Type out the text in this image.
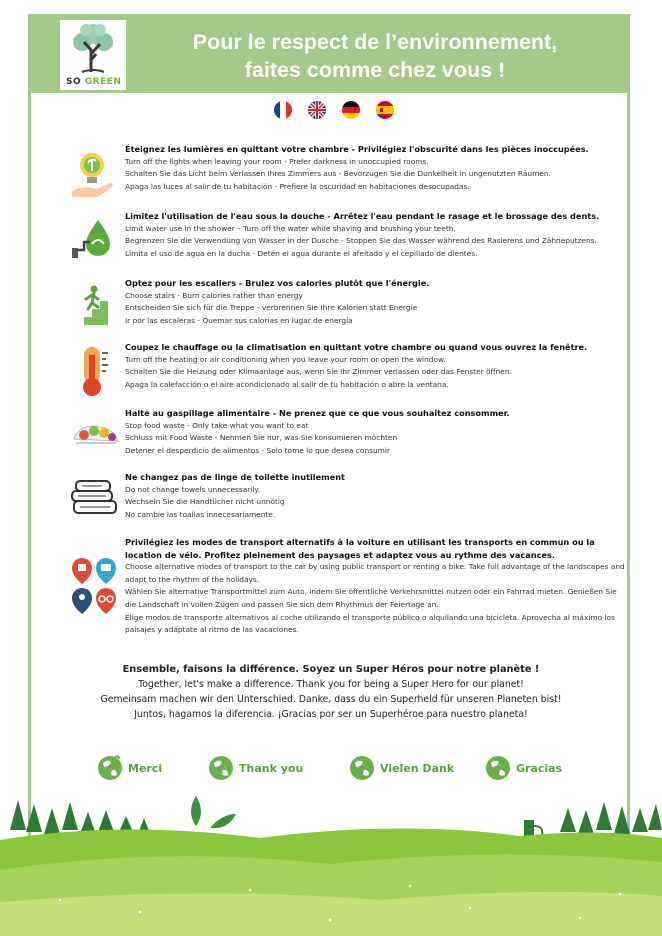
SO GREEN
Pour le respect de l’environnement,
faites comme chez vous !
Éteignez les lumières en quittant votre chambre - Privilégiez l'obscurité dans les pièces inoccupées.
Turn off the lights when leaving your room - Prefer darkness in unoccupied rooms.
Schalten Sie das Licht beim Verlassen Ihres Zimmers aus - Bevorzugen Sie die Dunkelheit in ungenutzten Räumen.
Apaga las luces al salir de tu habitación - Prefiere la oscuridad en habitaciones desocupadas.
Limitez l'utilisation de l'eau sous la douche - Arrêtez l'eau pendant le rasage et le brossage des dents.
Limit water use in the shower – Turn off the water while shaving and brushing your teeth.
Begrenzen Sie die Verwendung von Wasser in der Dusche - Stoppen Sie das Wasser während des Rasierens und Zähneputzens.
Limita el uso de agua en la ducha - Detén el agua durante el afeitado y el cepillado de dientes.
Optez pour les escaliers - Brulez vos calories plutôt que l'énergie.
Choose stairs - Burn calories rather than energy
Entscheiden Sie sich für die Treppe - verbrennen Sie Ihre Kalorien statt Energie
Ir por las escaleras - Quemar sus calorías en lugar de energía
Coupez le chauffage ou la climatisation en quittant votre chambre ou quand vous ouvrez la fenêtre.
Turn off the heating or air conditioning when you leave your room or open the window.
Schalten Sie die Heizung oder Klimaanlage aus, wenn Sie Ihr Zimmer verlassen oder das Fenster öffnen.
Apaga la calefacción o el aire acondicionado al salir de tu habitación o abre la ventana.
Halte au gaspillage alimentaire - Ne prenez que ce que vous souhaitez consommer.
Stop food waste - Only take what you want to eat
Schluss mit Food Waste - Nehmen Sie nur, was Sie konsumieren möchten
Detener el desperdicio de alimentos - Solo tome lo que desea consumir
Ne changez pas de linge de toilette inutilement
Do not change towels unnecessarily.
Wechseln Sie die Handtücher nicht unnötig
No cambie las toallas innecesariamente.
Privilégiez les modes de transport alternatifs à la voiture en utilisant les transports en commun ou la location de vélo. Profitez pleinement des paysages et adaptez vous au rythme des vacances.
Choose alternative modes of transport to the car by using public transport or renting a bike. Take full advantage of the landscapes and adapt to the rhythm of the holidays.
Wählen Sie alternative Transportmittel zum Auto, indem Sie öffentliche Verkehrsmittel nutzen oder ein Fahrrad mieten. Genießen Sie die Landschaft in vollen Zügen und passen Sie sich dem Rhythmus der Feiertage an.
Elige modos de transporte alternativos al coche utilizando el transporte público o alquilando una bicicleta. Aprovecha al máximo los paisajes y adáptate al ritmo de las vacaciones.
Ensemble, faisons la différence. Soyez un Super Héros pour notre planète !
Together, let's make a difference. Thank you for being a Super Hero for our planet!
Gemeinsam machen wir den Unterschied. Danke, dass du ein Superheld für unseren Planeten bist!
Juntos, hagamos la diferencia. ¡Gracias por ser un Superhéroe para nuestro planeta!
Merci	Thank you	Vielen Dank	Gracias
